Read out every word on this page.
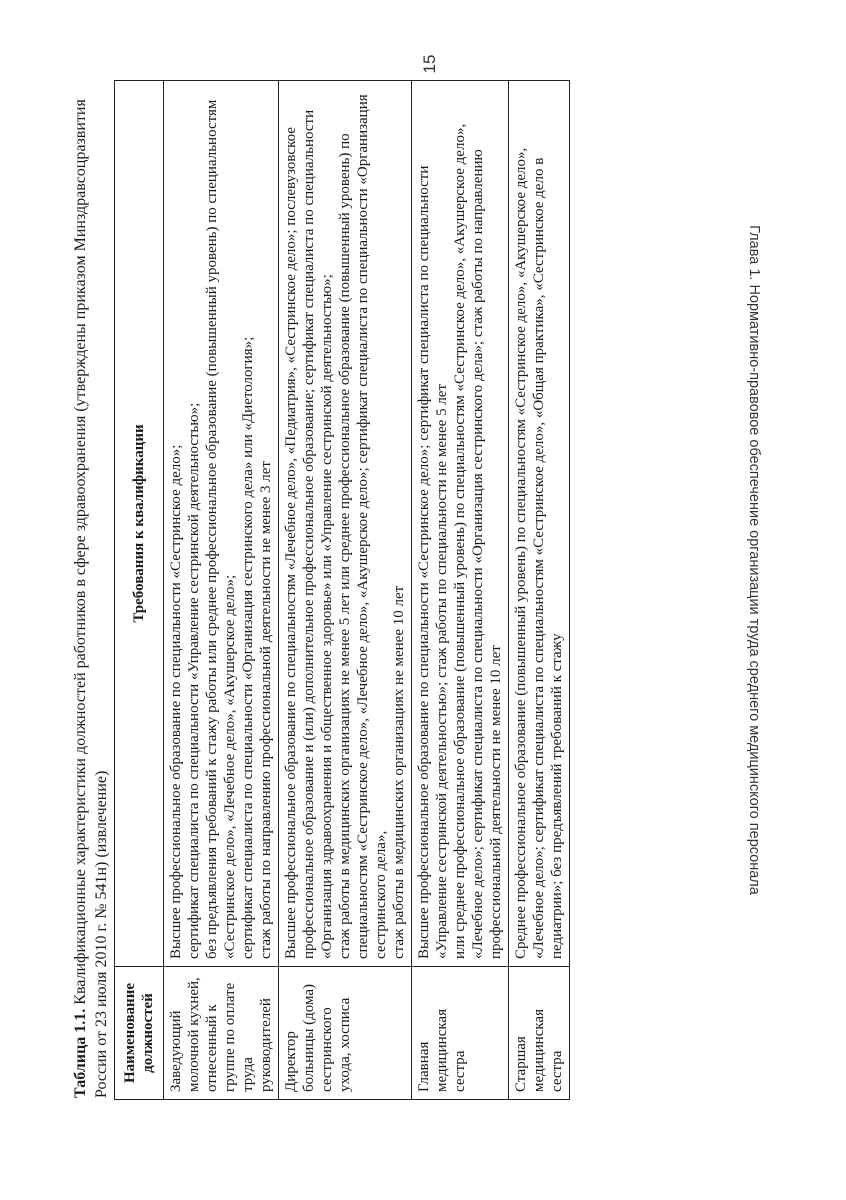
Глава 1. Нормативно-правовое обеспечение организации труда среднего медицинского персонала
Наименование должностей	Требования к квалификации
Заведующий молочной кухней, отнесенный к группе по оплате труда руководителей	Высшее профессиональное образование по специальности «Сестринское дело»; сертификат специалиста по специальности «Управление сестринской деятельностью»; без предъявления требований к стажу работы или среднее профессиональное образование (повышенный уровень) по специальностям «Сестринское дело», «Лечебное дело», «Акушерское дело»; сертификат специалиста по специальности «Организация сестринского дела» или «Диетология»; стаж работы по направлению профессиональной деятельности не менее 3 лет

Директор больницы (дома) сестринского ухода, хосписа	Высшее профессиональное образование по специальностям «Лечебное дело», «Педиатрия», «Сестринское дело»; послевузовское профессиональное образование и (или) дополнительное профессиональное образование; сертификат специалиста по специальности «Организация здравоохранения и общественное здоровье» или «Управление сестринской деятельностью»; стаж работы в медицинских организациях не менее 5 лет или среднее профессиональное образование (повышенный уровень) по специальностям «Сестринское дело», «Лечебное дело», «Акушерское дело»; сертификат специалиста по специальности «Организация сестринского дела», стаж работы в медицинских организациях не менее 10 лет

Главная медицинская сестра	Высшее профессиональное образование по специальности «Сестринское дело»; сертификат специалиста по специальности «Управление сестринской деятельностью»; стаж работы по специальности не менее 5 лет или среднее профессиональное образование (повышенный уровень) по специальностям «Сестринское дело», «Акушерское дело», «Лечебное дело»; сертификат специалиста по специальности «Организация сестринского дела»; стаж работы по направлению профессиональной деятельности не менее 10 лет

Старшая медицинская сестра	Среднее профессиональное образование (повышенный уровень) по специальностям «Сестринское дело», «Акушерское дело», «Лечебное дело»; сертификат специалиста по специальностям «Сестринское дело», «Общая практика», «Сестринское дело в педиатрии»; без предъявлений требований к стажу
Таблица 1.1. Квалификационные характеристики должностей работников в сфере здравоохранения (утверждены приказом Минздравсоцразвития России от 23 июля 2010 г. № 541н) (извлечение)
15
